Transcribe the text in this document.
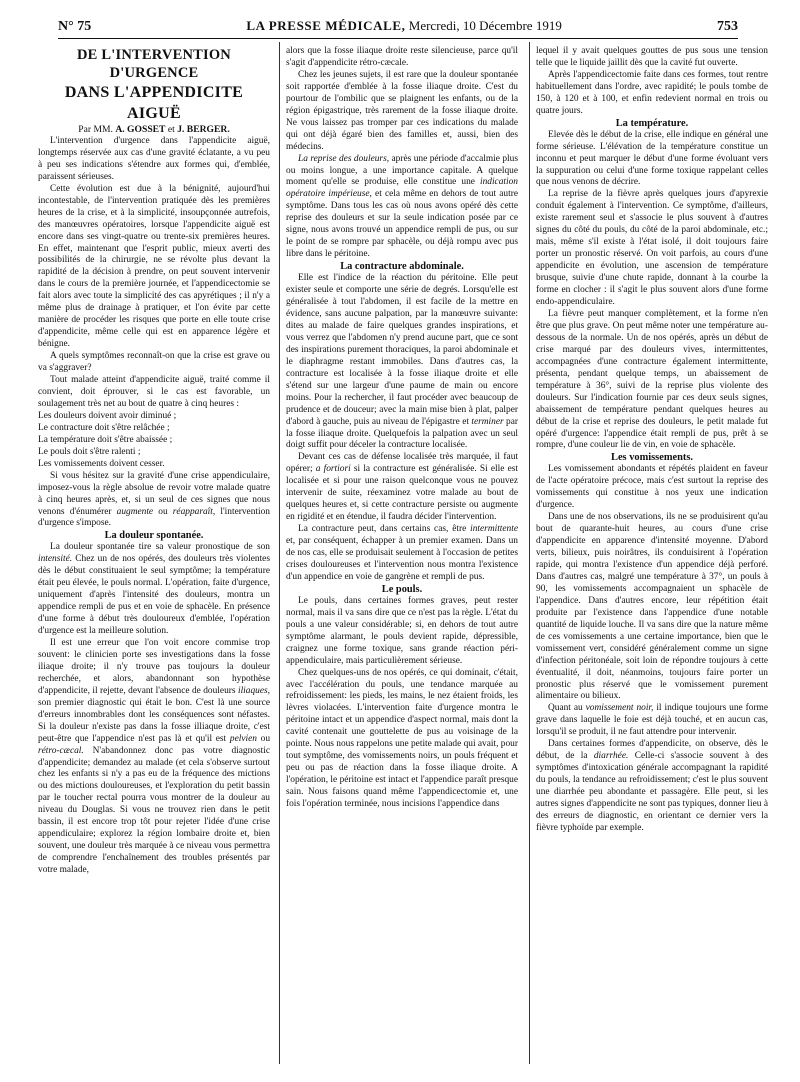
N° 75	LA PRESSE MÉDICALE, Mercredi, 10 Décembre 1919	753

DE L'INTERVENTION D'URGENCE

DANS L'APPENDICITE AIGUË

Par MM. A. GOSSET et J. BERGER.

L'intervention d'urgence dans l'appendicite aiguë, longtemps réservée aux cas d'une gravité éclatante, a vu peu à peu ses indications s'étendre aux formes qui, d'emblée, paraissent sérieuses.

Cette évolution est due à la bénignité, aujourd'hui incontestable, de l'intervention pratiquée dès les premières heures de la crise, et à la simplicité, insoupçonnée autrefois, des manœuvres opératoires, lorsque l'appendicite aiguë est encore dans ses vingt-quatre ou trente-six premières heures. En effet, maintenant que l'esprit public, mieux averti des possibilités de la chirurgie, ne se révolte plus devant la rapidité de la décision à prendre, on peut souvent intervenir dans le cours de la première journée, et l'appendicectomie se fait alors avec toute la simplicité des cas apyrétiques ; il n'y a même plus de drainage à pratiquer, et l'on évite par cette manière de procéder les risques que porte en elle toute crise d'appendicite, même celle qui est en apparence légère et bénigne.

A quels symptômes reconnaît-on que la crise est grave ou va s'aggraver?

Tout malade atteint d'appendicite aiguë, traité comme il convient, doit éprouver, si le cas est favorable, un soulagement très net au bout de quatre à cinq heures :

Les douleurs doivent avoir diminué ;
Le contracture doit s'être relâchée ;
La température doit s'être abaissée ;
Le pouls doit s'être ralenti ;
Les vomissements doivent cesser.

Si vous hésitez sur la gravité d'une crise appendiculaire, imposez-vous la règle absolue de revoir votre malade quatre à cinq heures après, et, si un seul de ces signes que nous venons d'énumérer augmente ou réapparaît, l'intervention d'urgence s'impose.

La douleur spontanée.

La douleur spontanée tire sa valeur pronostique de son intensité. Chez un de nos opérés, des douleurs très violentes dès le début constituaient le seul symptôme; la température était peu élevée, le pouls normal. L'opération, faite d'urgence, uniquement d'après l'intensité des douleurs, montra un appendice rempli de pus et en voie de sphacèle. En présence d'une forme à début très douloureux d'emblée, l'opération d'urgence est la meilleure solution.

Il est une erreur que l'on voit encore commise trop souvent: le clinicien porte ses investigations dans la fosse iliaque droite; il n'y trouve pas toujours la douleur recherchée, et alors, abandonnant son hypothèse d'appendicite, il rejette, devant l'absence de douleurs iliaques, son premier diagnostic qui était le bon. C'est là une source d'erreurs innombrables dont les conséquences sont néfastes. Si la douleur n'existe pas dans la fosse illiaque droite, c'est peut-être que l'appendice n'est pas là et qu'il est pelvien ou rétro-cæcal. N'abandonnez donc pas votre diagnostic d'appendicite; demandez au malade (et cela s'observe surtout chez les enfants si n'y a pas eu de la fréquence des mictions ou des mictions douloureuses, et l'exploration du petit bassin par le toucher rectal pourra vous montrer de la douleur au niveau du Douglas. Si vous ne trouvez rien dans le petit bassin, il est encore trop tôt pour rejeter l'idée d'une crise appendiculaire; explorez la région lombaire droite et, bien souvent, une douleur très marquée à ce niveau vous permettra de comprendre l'enchaînement des troubles présentés par votre malade,

alors que la fosse iliaque droite reste silencieuse, parce qu'il s'agit d'appendicite rétro-cæcale.

Chez les jeunes sujets, il est rare que la douleur spontanée soit rapportée d'emblée à la fosse iliaque droite. C'est du pourtour de l'ombilic que se plaignent les enfants, ou de la région épigastrique, très rarement de la fosse iliaque droite. Ne vous laissez pas tromper par ces indications du malade qui ont déjà égaré bien des familles et, aussi, bien des médecins.

La reprise des douleurs, après une période d'accalmie plus ou moins longue, a une importance capitale. A quelque moment qu'elle se produise, elle constitue une indication opératoire impérieuse, et cela même en dehors de tout autre symptôme. Dans tous les cas où nous avons opéré dès cette reprise des douleurs et sur la seule indication posée par ce signe, nous avons trouvé un appendice rempli de pus, ou sur le point de se rompre par sphacèle, ou déjà rompu avec pus libre dans le péritoine.

La contracture abdominale.

Elle est l'indice de la réaction du péritoine. Elle peut exister seule et comporte une série de degrés. Lorsqu'elle est généralisée à tout l'abdomen, il est facile de la mettre en évidence, sans aucune palpation, par la manœuvre suivante: dites au malade de faire quelques grandes inspirations, et vous verrez que l'abdomen n'y prend aucune part, que ce sont des inspirations purement thoraciques, la paroi abdominale et le diaphragme restant immobiles. Dans d'autres cas, la contracture est localisée à la fosse iliaque droite et elle s'étend sur une largeur d'une paume de main ou encore moins. Pour la rechercher, il faut procéder avec beaucoup de prudence et de douceur; avec la main mise bien à plat, palper d'abord à gauche, puis au niveau de l'épigastre et terminer par la fosse iliaque droite. Quelquefois la palpation avec un seul doigt suffit pour déceler la contracture localisée.

Devant ces cas de défense localisée très marquée, il faut opérer; a fortiori si la contracture est généralisée. Si elle est localisée et si pour une raison quelconque vous ne pouvez intervenir de suite, réexaminez votre malade au bout de quelques heures et, si cette contracture persiste ou augmente en rigidité et en étendue, il faudra décider l'intervention.

La contracture peut, dans certains cas, être intermittente et, par conséquent, échapper à un premier examen. Dans un de nos cas, elle se produisait seulement à l'occasion de petites crises douloureuses et l'intervention nous montra l'existence d'un appendice en voie de gangrène et rempli de pus.

Le pouls.

Le pouls, dans certaines formes graves, peut rester normal, mais il va sans dire que ce n'est pas la règle. L'état du pouls a une valeur considérable; si, en dehors de tout autre symptôme alarmant, le pouls devient rapide, dépressible, craignez une forme toxique, sans grande réaction péri-appendiculaire, mais particulièrement sérieuse.

Chez quelques-uns de nos opérés, ce qui dominait, c'était, avec l'accélération du pouls, une tendance marquée au refroidissement: les pieds, les mains, le nez étaient froids, les lèvres violacées. L'intervention faite d'urgence montra le péritoine intact et un appendice d'aspect normal, mais dont la cavité contenait une gouttelette de pus au voisinage de la pointe. Nous nous rappelons une petite malade qui avait, pour tout symptôme, des vomissements noirs, un pouls fréquent et peu ou pas de réaction dans la fosse iliaque droite. A l'opération, le péritoine est intact et l'appendice paraît presque sain. Nous faisons quand même l'appendicectomie et, une fois l'opération terminée, nous incisions l'appendice dans

lequel il y avait quelques gouttes de pus sous une tension telle que le liquide jaillit dès que la cavité fut ouverte.

Après l'appendicectomie faite dans ces formes, tout rentre habituellement dans l'ordre, avec rapidité; le pouls tombe de 150, à 120 et à 100, et enfin redevient normal en trois ou quatre jours.

La température.

Elevée dès le début de la crise, elle indique en général une forme sérieuse. L'élévation de la température constitue un inconnu et peut marquer le début d'une forme évoluant vers la suppuration ou celui d'une forme toxique rappelant celles que nous venons de décrire.

La reprise de la fièvre après quelques jours d'apyrexie conduit également à l'intervention. Ce symptôme, d'ailleurs, existe rarement seul et s'associe le plus souvent à d'autres signes du côté du pouls, du côté de la paroi abdominale, etc.; mais, même s'il existe à l'état isolé, il doit toujours faire porter un pronostic réservé. On voit parfois, au cours d'une appendicite en évolution, une ascension de température brusque, suivie d'une chute rapide, donnant à la courbe la forme en clocher : il s'agit le plus souvent alors d'une forme endo-appendiculaire.

La fièvre peut manquer complètement, et la forme n'en être que plus grave. On peut même noter une température au-dessous de la normale. Un de nos opérés, après un début de crise marqué par des douleurs vives, intermittentes, accompagnées d'une contracture également intermittente, présenta, pendant quelque temps, un abaissement de température à 36°, suivi de la reprise plus violente des douleurs. Sur l'indication fournie par ces deux seuls signes, abaissement de température pendant quelques heures au début de la crise et reprise des douleurs, le petit malade fut opéré d'urgence: l'appendice était rempli de pus, prêt à se rompre, d'une couleur lie de vin, en voie de sphacèle.

Les vomissements.

Les vomissement abondants et répétés plaident en faveur de l'acte opératoire précoce, mais c'est surtout la reprise des vomissements qui constitue à nos yeux une indication d'urgence.

Dans une de nos observations, ils ne se produisirent qu'au bout de quarante-huit heures, au cours d'une crise d'appendicite en apparence d'intensité moyenne. D'abord verts, bilieux, puis noirâtres, ils conduisirent à l'opération rapide, qui montra l'existence d'un appendice déjà perforé. Dans d'autres cas, malgré une température à 37°, un pouls à 90, les vomissements accompagnaient un sphacèle de l'appendice. Dans d'autres encore, leur répétition était produite par l'existence dans l'appendice d'une notable quantité de liquide louche. Il va sans dire que la nature même de ces vomissements a une certaine importance, bien que le vomissement vert, considéré généralement comme un signe d'infection péritonéale, soit loin de répondre toujours à cette éventualité, il doit, néanmoins, toujours faire porter un pronostic plus réservé que le vomissement purement alimentaire ou bilieux.

Quant au vomissement noir, il indique toujours une forme grave dans laquelle le foie est déjà touché, et en aucun cas, lorsqu'il se produit, il ne faut attendre pour intervenir.

Dans certaines formes d'appendicite, on observe, dès le début, de la diarrhée. Celle-ci s'associe souvent à des symptômes d'intoxication générale accompagnant la rapidité du pouls, la tendance au refroidissement; c'est le plus souvent une diarrhée peu abondante et passagère. Elle peut, si les autres signes d'appendicite ne sont pas typiques, donner lieu à des erreurs de diagnostic, en orientant ce dernier vers la fièvre typhoïde par exemple.
